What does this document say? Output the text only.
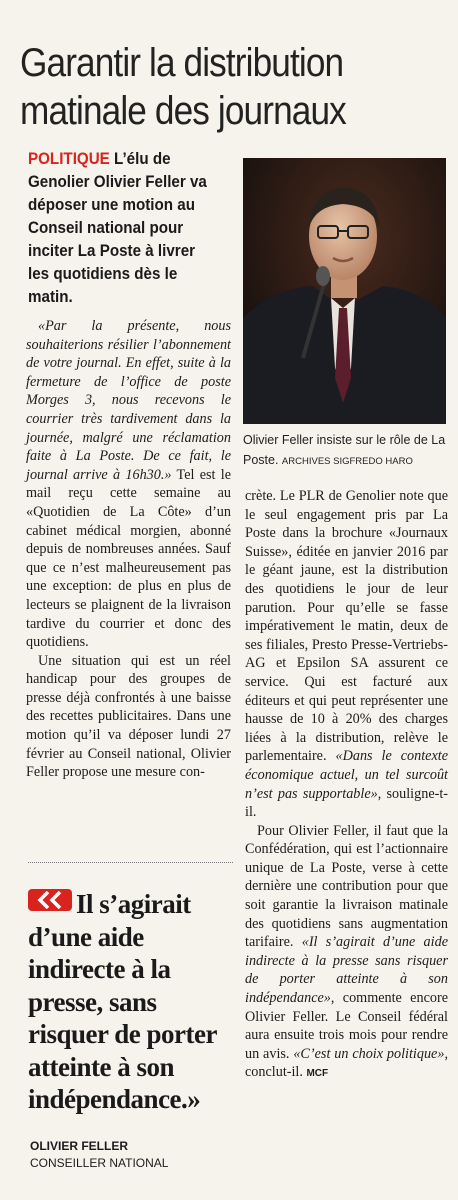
Garantir la distribution
matinale des journaux
POLITIQUE L’élu de Genolier Olivier Feller va déposer une motion au Conseil national pour inciter La Poste à livrer les quotidiens dès le matin.
Olivier Feller insiste sur le rôle de La Poste. ARCHIVES SIGFREDO HARO

«Par la présente, nous souhaiterions résilier l’abonnement de votre journal. En effet, suite à la fermeture de l’office de poste Morges 3, nous recevons le courrier très tardivement dans la journée, malgré une réclamation faite à La Poste. De ce fait, le journal arrive à 16h30.» Tel est le mail reçu cette semaine au «Quotidien de La Côte» d’un cabinet médical morgien, abonné depuis de nombreuses années. Sauf que ce n’est malheureusement pas une exception: de plus en plus de lecteurs se plaignent de la livraison tardive du courrier et donc des quotidiens.

Une situation qui est un réel handicap pour des groupes de presse déjà confrontés à une baisse des recettes publicitaires. Dans une motion qu’il va déposer lundi 27 février au Conseil national, Olivier Feller propose une mesure con-

Il s’agirait d’une aide indirecte à la presse, sans risquer de porter atteinte à son indépendance.»
OLIVIER FELLER
CONSEILLER NATIONAL

crète. Le PLR de Genolier note que le seul engagement pris par La Poste dans la brochure «Journaux Suisse», éditée en janvier 2016 par le géant jaune, est la distribution des quotidiens le jour de leur parution. Pour qu’elle se fasse impérativement le matin, deux de ses filiales, Presto Presse-Vertriebs-AG et Epsilon SA assurent ce service. Qui est facturé aux éditeurs et qui peut représenter une hausse de 10 à 20% des charges liées à la distribution, relève le parlementaire. «Dans le contexte économique actuel, un tel surcoût n’est pas supportable», souligne-t-il.

Pour Olivier Feller, il faut que la Confédération, qui est l’actionnaire unique de La Poste, verse à cette dernière une contribution pour que soit garantie la livraison matinale des quotidiens sans augmentation tarifaire. «Il s’agirait d’une aide indirecte à la presse sans risquer de porter atteinte à son indépendance», commente encore Olivier Feller. Le Conseil fédéral aura ensuite trois mois pour rendre un avis. «C’est un choix politique», conclut-il. MCF
